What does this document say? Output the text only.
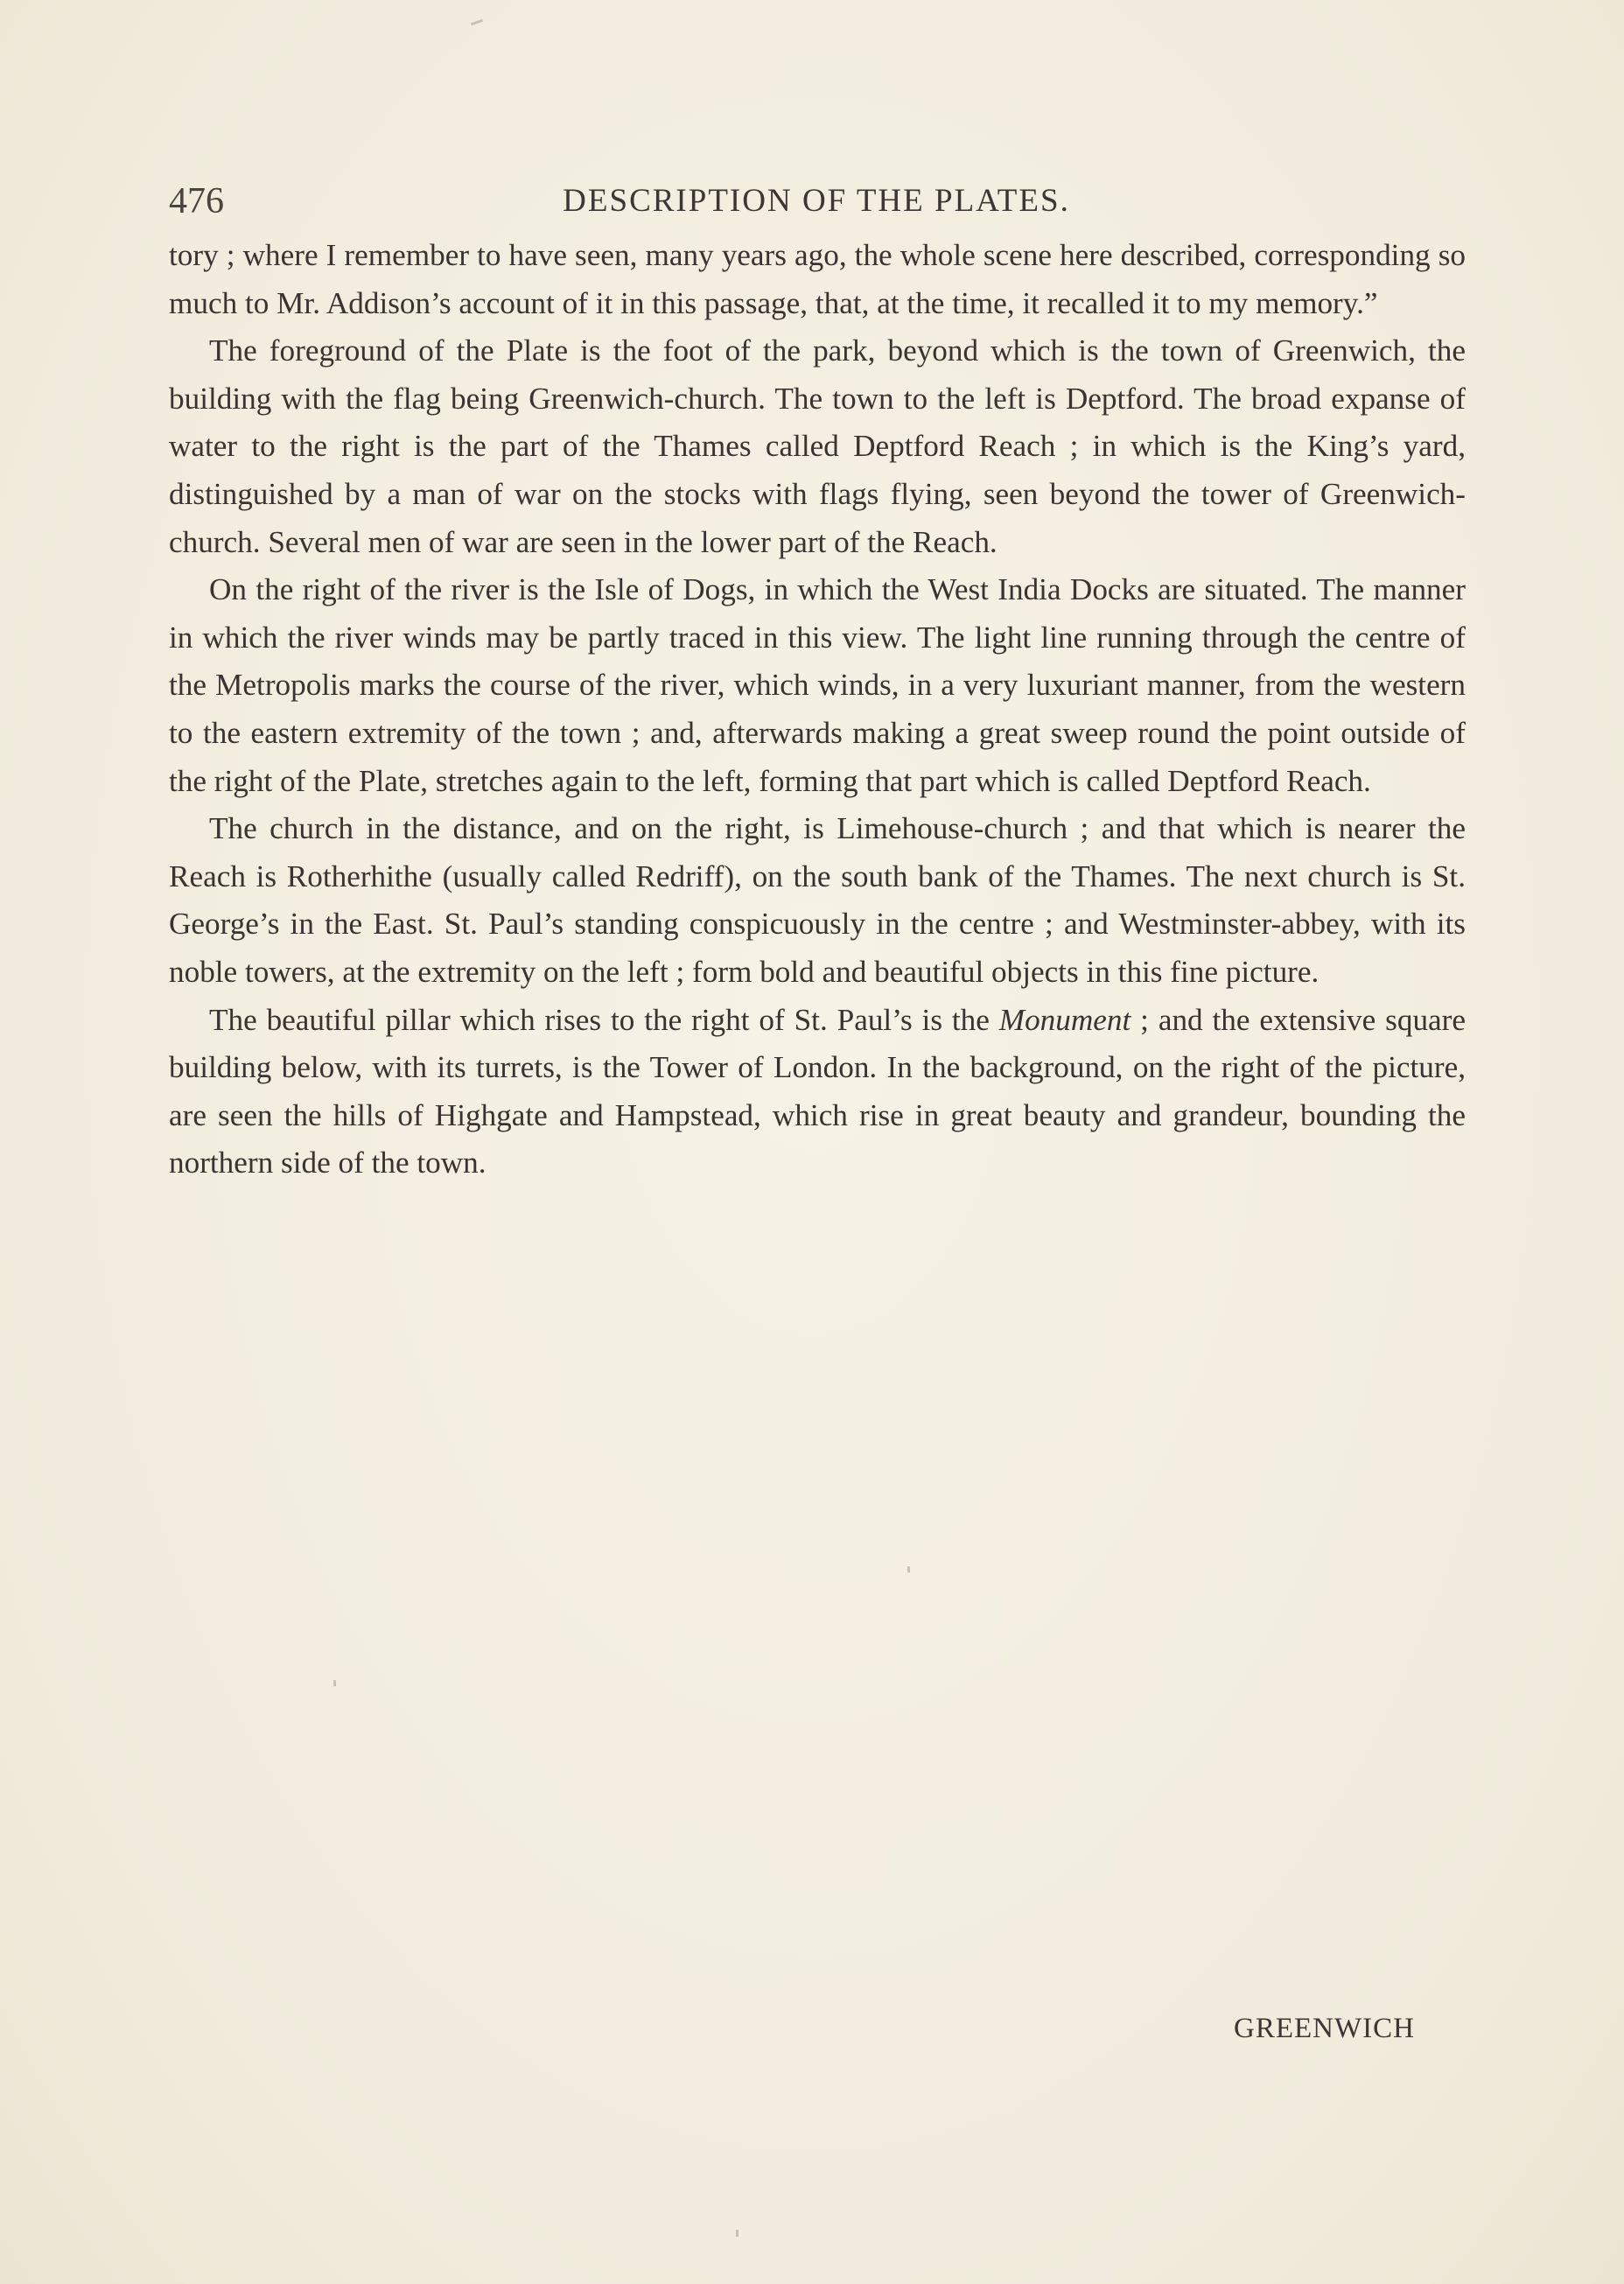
476	DESCRIPTION OF THE PLATES.

tory ; where I remember to have seen, many years ago, the whole scene here described, corresponding so much to Mr. Addison’s account of it in this passage, that, at the time, it recalled it to my memory.”

The foreground of the Plate is the foot of the park, beyond which is the town of Greenwich, the building with the flag being Greenwich-church. The town to the left is Deptford. The broad expanse of water to the right is the part of the Thames called Deptford Reach ; in which is the King’s yard, distinguished by a man of war on the stocks with flags flying, seen beyond the tower of Greenwich-church. Several men of war are seen in the lower part of the Reach.

On the right of the river is the Isle of Dogs, in which the West India Docks are situated. The manner in which the river winds may be partly traced in this view. The light line running through the centre of the Metropolis marks the course of the river, which winds, in a very luxuriant manner, from the western to the eastern extremity of the town ; and, afterwards making a great sweep round the point outside of the right of the Plate, stretches again to the left, forming that part which is called Deptford Reach.

The church in the distance, and on the right, is Limehouse-church ; and that which is nearer the Reach is Rotherhithe (usually called Redriff), on the south bank of the Thames. The next church is St. George’s in the East. St. Paul’s standing conspicuously in the centre ; and Westminster-abbey, with its noble towers, at the extremity on the left ; form bold and beautiful objects in this fine picture.

The beautiful pillar which rises to the right of St. Paul’s is the Monument ; and the extensive square building below, with its turrets, is the Tower of London. In the background, on the right of the picture, are seen the hills of Highgate and Hampstead, which rise in great beauty and grandeur, bounding the northern side of the town.

GREENWICH
